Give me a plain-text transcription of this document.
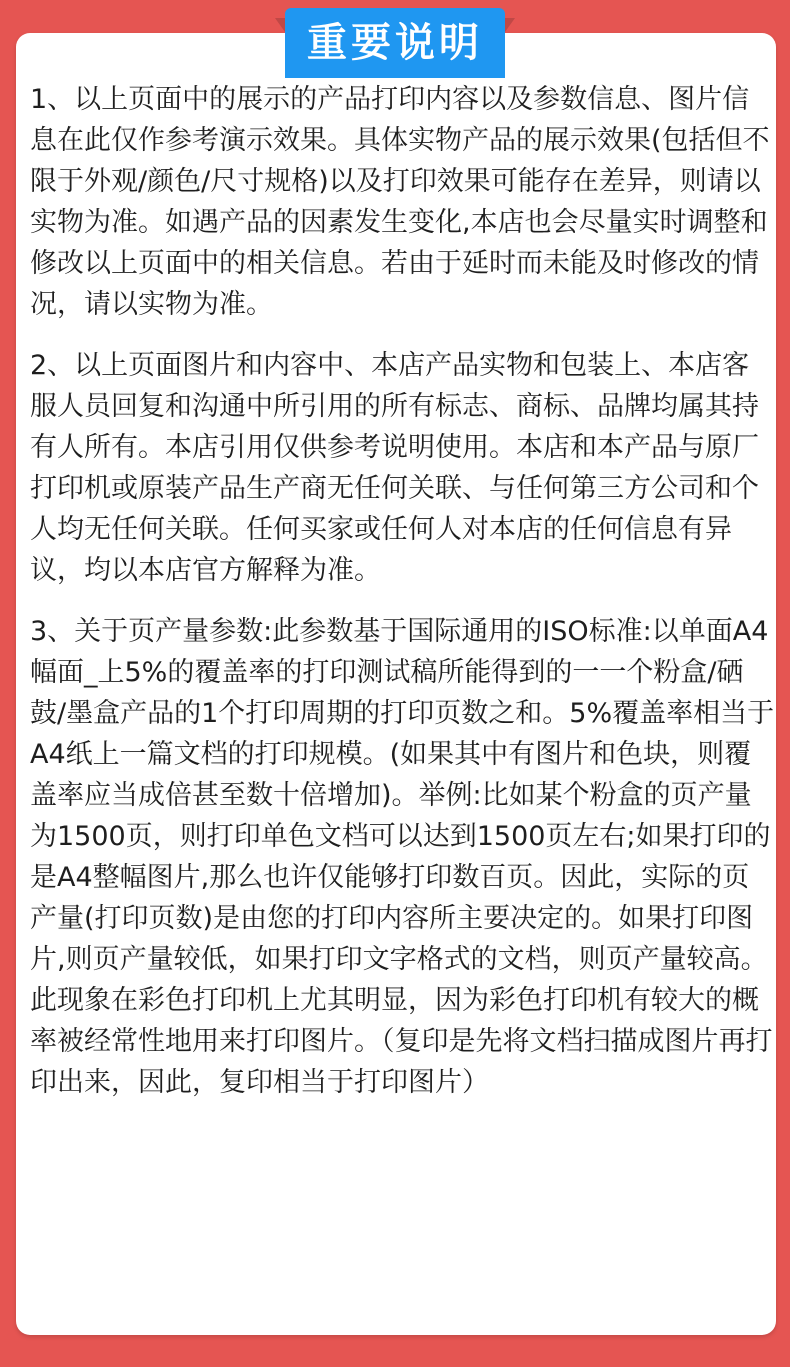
重要说明

1、以上页面中的展示的产品打印内容以及参数信息、图片信息在此仅作参考演示效果。具体实物产品的展示效果(包括但不限于外观/颜色/尺寸规格)以及打印效果可能存在差异，则请以实物为准。如遇产品的因素发生变化,本店也会尽量实时调整和修改以上页面中的相关信息。若由于延时而未能及时修改的情况，请以实物为准。

2、以上页面图片和内容中、本店产品实物和包装上、本店客服人员回复和沟通中所引用的所有标志、商标、品牌均属其持有人所有。本店引用仅供参考说明使用。本店和本产品与原厂打印机或原装产品生产商无任何关联、与任何第三方公司和个人均无任何关联。任何买家或任何人对本店的任何信息有异议，均以本店官方解释为准。

3、关于页产量参数:此参数基于国际通用的ISO标准:以单面A4幅面_上5%的覆盖率的打印测试稿所能得到的一一个粉盒/硒鼓/墨盒产品的1个打印周期的打印页数之和。5%覆盖率相当于A4纸上一篇文档的打印规模。(如果其中有图片和色块，则覆盖率应当成倍甚至数十倍增加)。举例:比如某个粉盒的页产量为1500页，则打印单色文档可以达到1500页左右;如果打印的是A4整幅图片,那么也许仅能够打印数百页。因此，实际的页产量(打印页数)是由您的打印内容所主要决定的。如果打印图片,则页产量较低，如果打印文字格式的文档，则页产量较高。此现象在彩色打印机上尤其明显，因为彩色打印机有较大的概率被经常性地用来打印图片。（复印是先将文档扫描成图片再打印出来，因此，复印相当于打印图片）
